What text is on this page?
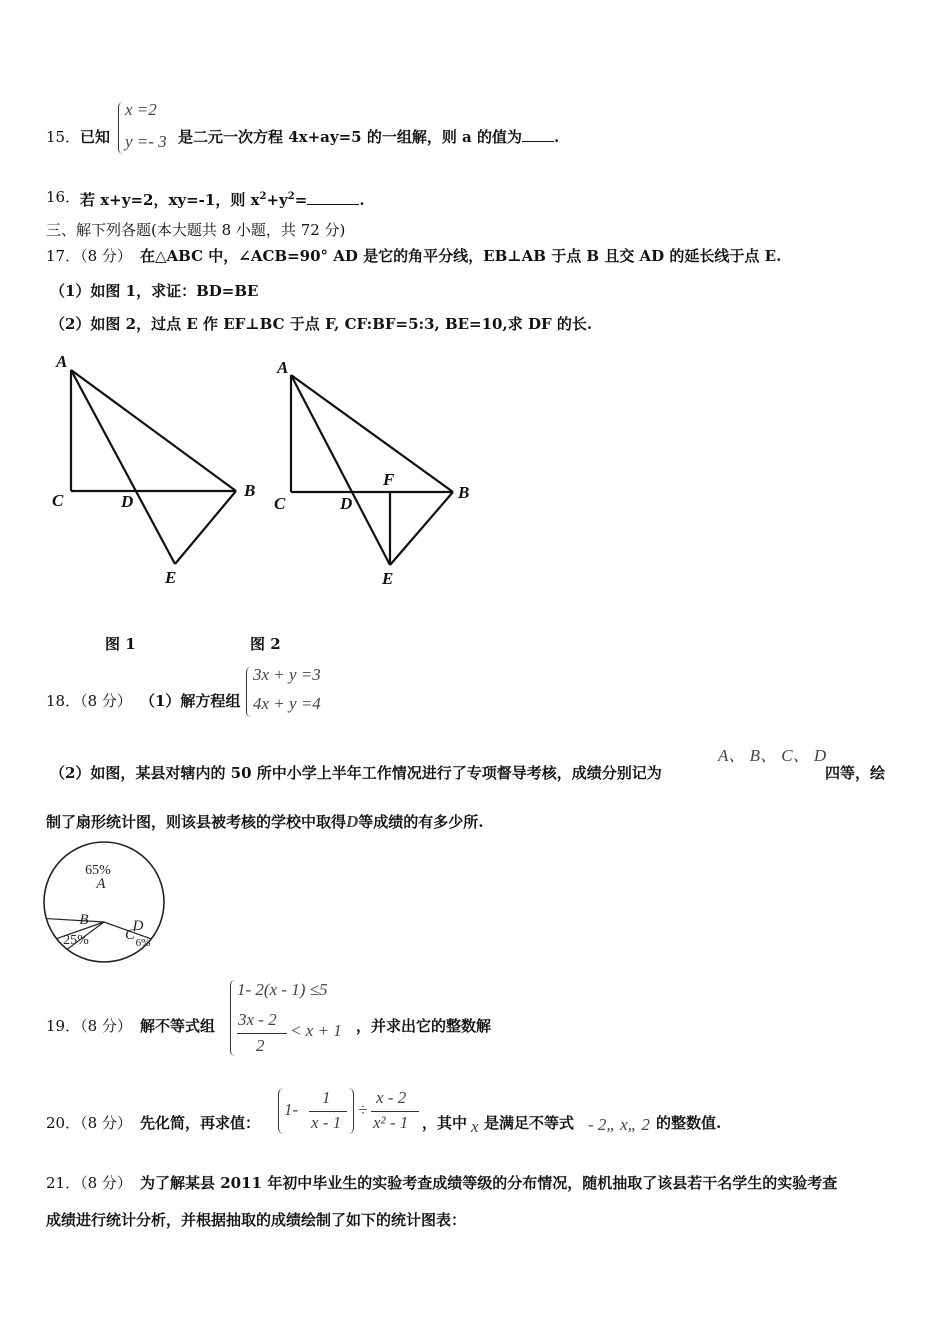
15． 已知
x =2
y =- 3 是二元一次方程 4x+ay=5 的一组解，则 a 的值为 .
16． 若 x+y=2，xy=-1，则 $x^2+y^2=$	.
三、解下列各题(本大题共 8 小题，共 72 分)
17．（8 分） 在△ABC 中，∠ACB=90° AD 是它的角平分线，EB⊥AB 于点 B 且交 AD 的延长线于点 E.
（1）如图 1，求证：BD=BE
（2）如图 2，过点 E 作 EF⊥BC 于点 F, CF:BF=5:3, BE=10,求 DF 的长.
A
B
C	D
E
A
B
C	D
F
E
图 1	图 2
18．（8 分） （1）解方程组
3x + y =3
4x + y =4
（2）如图，某县对辖内的 50 所中小学上半年工作情况进行了专项督导考核，成绩分别记为
A、 B、 C、 D
四等，绘
制了扇形统计图，则该县被考核的学校中取得D等成绩的有多少所.
A
65%
B
25% C
D
6%
19．（8 分） 解不等式组
1- 2(x - 1) ≤5
3x - 2
2
< x + 1 ，并求出它的整数解
20．（8 分） 先化简，再求值：
1-
1
x - 1
÷
x - 2
x² - 1 ，其中 x 是满足不等式 - 2„ x„ 2 的整数值.
21．（8 分） 为了解某县 2011 年初中毕业生的实验考查成绩等级的分布情况，随机抽取了该县若干名学生的实验考查
成绩进行统计分析，并根据抽取的成绩绘制了如下的统计图表：
